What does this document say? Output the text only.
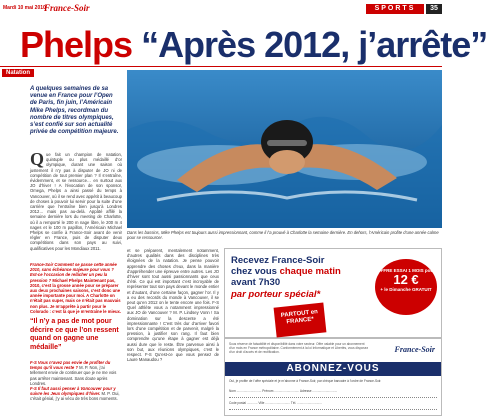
Mardi 10 mai 2010
France-Soir	SPORTS	35
Phelps “Après 2012, j’arrête”
Natation
A quelques semaines de sa venue en France pour l’Open de Paris, fin juin, l’Américain Mike Phelps, recordman du nombre de titres olympiques, s’est confié sur son actualité privée de compétition majeure.
Que fait un champion de natation, quintuple ou plus médaillé d’or olympique, durant une saison où justement il n’y pas à disputer de JO ni de compétition de tout premier plan ? Il s’entraîne, évidemment, et se ressource… en surtout aux JO d’hiver ! A l’évocation de son sponsor, Omega, Phelps a ainsi passé du temps à Vancouver, où il se rend avec appétit à beaucoup de choses à pouvoir lui servir pour la suite d’une carrière que l’entraîne bien jusqu’à Londres 2012… mais pas au-delà. Appâté affilé la semaine dernière lors du meeting de Charlotte, où il a remporté le 200 m nage libre, le 200 m 4 nages et le 100 m papillon, l’Américain Michael Phelps se confie à France-Soir avant de venir régler en France, puis de disputer deux compétitions dans son pays au suivi, qualificatives pour les Mondiaux 2011.

France-Soir Comment se passe cette année 2010, sans échéance majeure pour vous ? Est-ce l’occasion de relâcher un peu la pression ? Michael Phelps Maintenant pas, 2010, c’est la grosse année pour se préparer aux deux prochaines saisons, c’est donc une année importante pour moi. A Charlotte on n’était pas super, mais ce n’était pas mauvais non plus. Je m’apprête à partir pour le Colorado : c’est là que je m’entraîne le mieux.

“Il n’y a pas de mot pour décrire ce que l’on ressent quand on gagne une médaille”

F-S Vous n’avez pas envie de profiter du temps qu’il vous reste ? M. P. Non, j’ai tellement envie de continuer que je ne me vois pas arrêter maintenant. Sans doute après Londres.

F-S Il faut aussi penser à Vancouver pour y suivre les Jeux olympiques d’hiver. M. P. Oui, c’était génial, j’y ai vécu de très bons moments.

Dans les bassins, Mike Phelps est toujours aussi impressionnant, comme il l’a prouvé à Charlotte la semaine dernière. En dehors, l’Américain profite d’une année calme pour se ressourcer.
et se préparent, mentalement notamment, d’autres qualités dans des disciplines très éloignées de la natation. Je pense pouvoir apprendre des choses d’eux, dans la manière d’appréhender une épreuve entre autres. Les JO d’hiver sont tout aussi passionnants que ceux d’été. Ce qui est important c’est incroyable de représenter tout son pays devant le monde entier et d’autant, d’une certaine façon, gagner l’or. Il y a eu des records du monde à Vancouver, il se peut qu’en 2012 on le tente encore une fois. F-S Quel athlète vous a notamment impressionné aux JO de Vancouver ? M. P. Lindsey Vonn ! Sa domination sur la descente a été impressionnante ! C’est très dur d’arriver favori lors d’une compétition et de parvenir, malgré la pression, à justifier son rang. Il faut bien comprendre qu’une étape à gagner est déjà aussi dure que le reste. Être parvenue ainsi à son but, aux réunions olympiques, c’est le respect. F-S Qu’est-ce que vous pensez de Laure Manaudou ?
Recevez France-Soir
chez vous chaque matin
avant 7h30
par porteur spécial*
PARTOUT en FRANCE*
OFFRE ESSAI 1 MOIS pour
12 €
+ le Dimanche GRATUIT
Sous réserve de faisabilité et disponibilité dans votre secteur. Offre valable pour un abonnement d’un mois en France métropolitaine. Conformément à la loi Informatique et Libertés, vous disposez d’un droit d’accès et de rectification.	France-Soir
ABONNEZ-VOUS
Oui, je profite de l’offre spéciale et je m’abonne à France-Soir, par chèque bancaire à l’ordre de France-Soir.
Nom ............................ Prénom ............................ Adresse ............................
Code postal ............ Ville ............................ Tél. ............................
